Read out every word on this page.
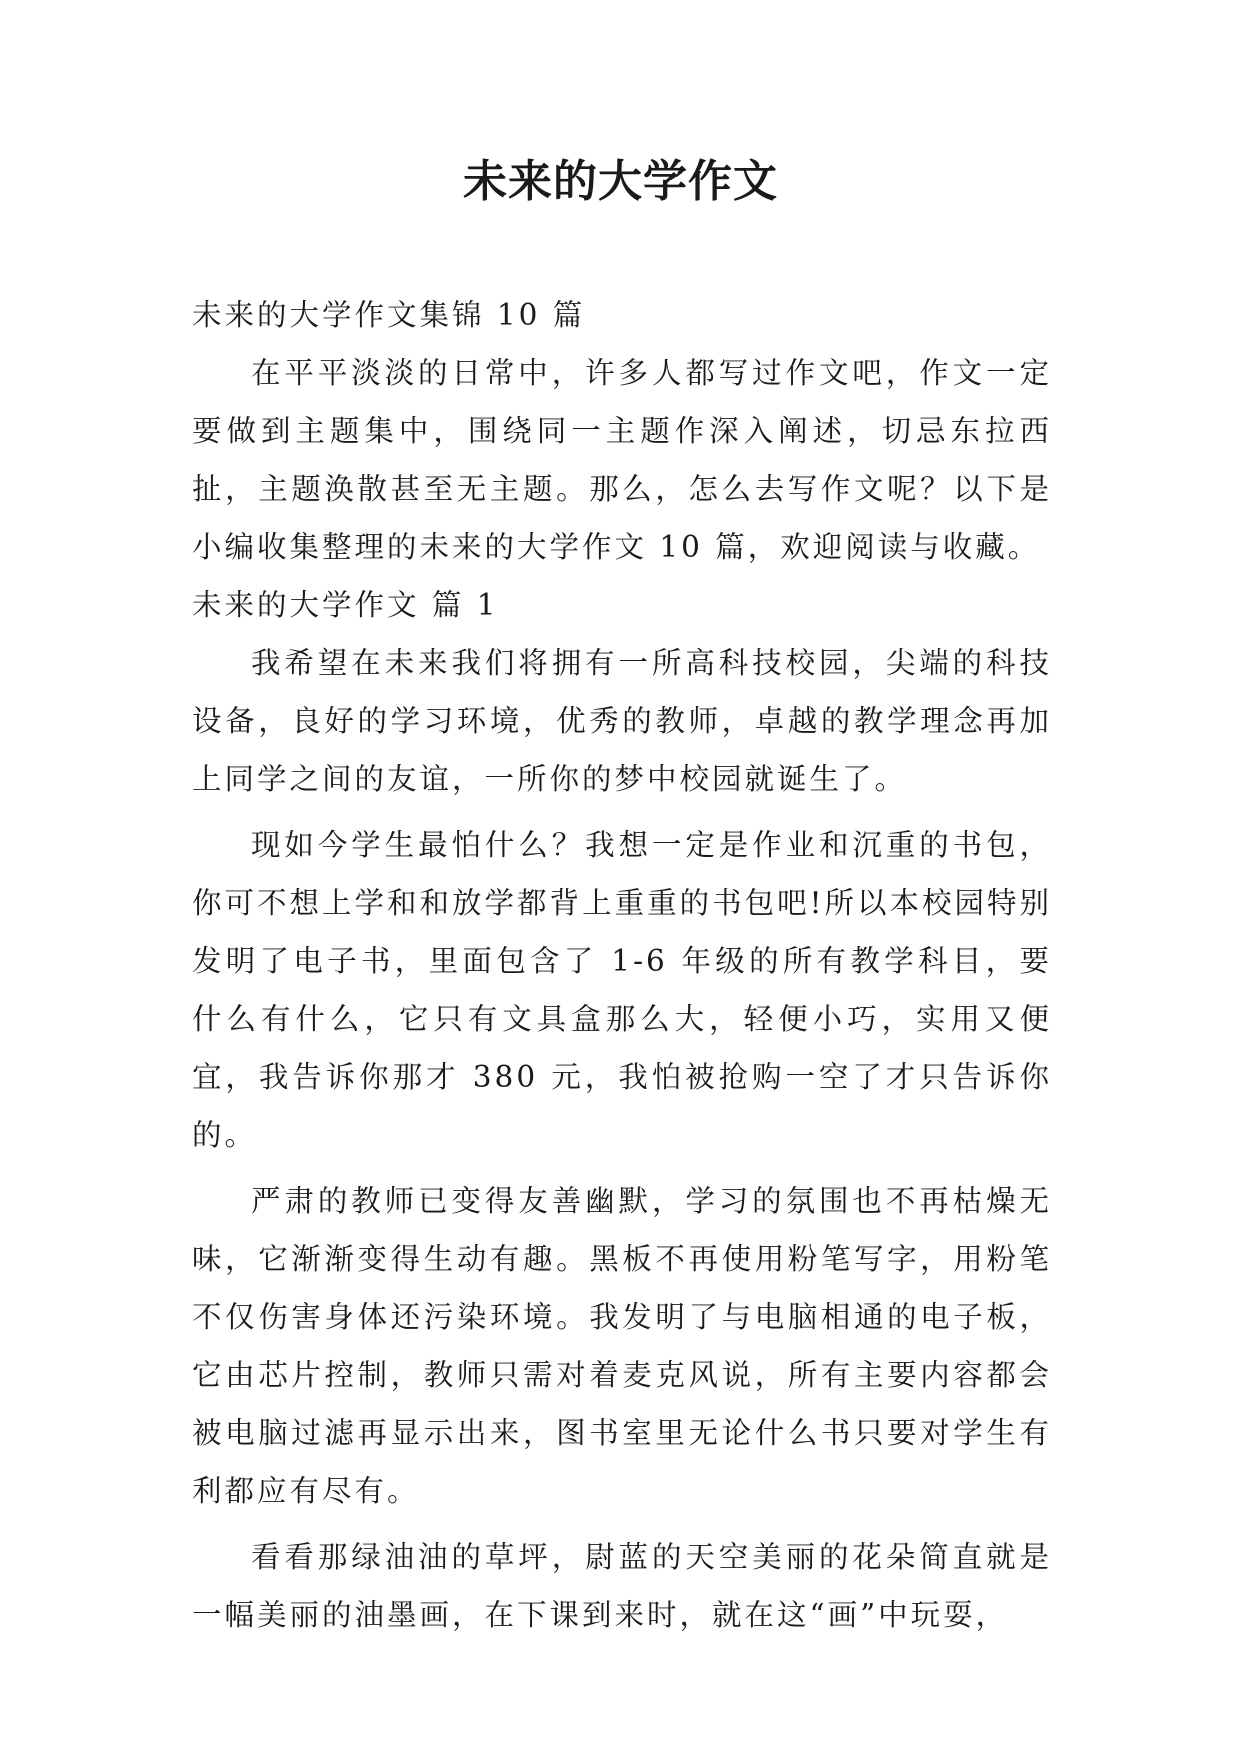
未来的大学作文

未来的大学作文集锦 10 篇

在平平淡淡的日常中，许多人都写过作文吧，作文一定要做到主题集中，围绕同一主题作深入阐述，切忌东拉西扯，主题涣散甚至无主题。那么，怎么去写作文呢？以下是小编收集整理的未来的大学作文 10 篇，欢迎阅读与收藏。

未来的大学作文 篇 1

我希望在未来我们将拥有一所高科技校园，尖端的科技设备，良好的学习环境，优秀的教师，卓越的教学理念再加上同学之间的友谊，一所你的梦中校园就诞生了。

现如今学生最怕什么？我想一定是作业和沉重的书包，你可不想上学和和放学都背上重重的书包吧!所以本校园特别发明了电子书，里面包含了 1-6 年级的所有教学科目，要什么有什么，它只有文具盒那么大，轻便小巧，实用又便宜，我告诉你那才 380 元，我怕被抢购一空了才只告诉你的。

严肃的教师已变得友善幽默，学习的氛围也不再枯燥无味，它渐渐变得生动有趣。黑板不再使用粉笔写字，用粉笔不仅伤害身体还污染环境。我发明了与电脑相通的电子板，它由芯片控制，教师只需对着麦克风说，所有主要内容都会被电脑过滤再显示出来，图书室里无论什么书只要对学生有利都应有尽有。

看看那绿油油的草坪，尉蓝的天空美丽的花朵简直就是一幅美丽的油墨画，在下课到来时，就在这“画”中玩耍，
